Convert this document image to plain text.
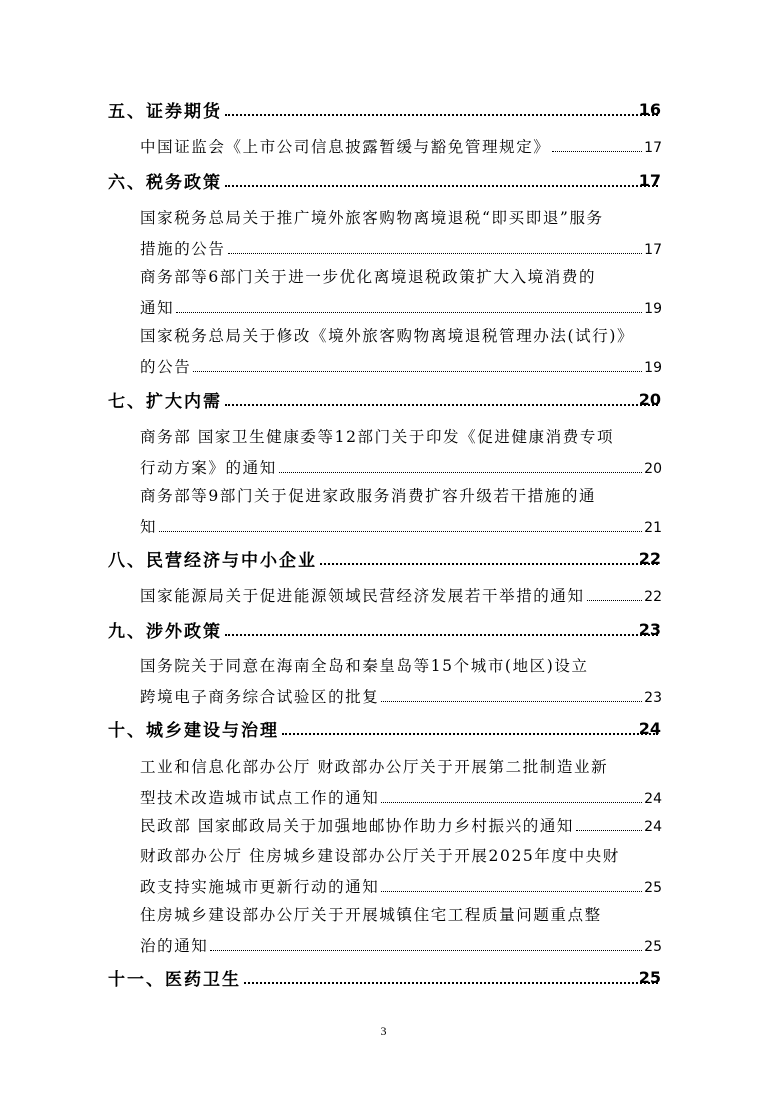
五、证券期货	16
中国证监会《上市公司信息披露暂缓与豁免管理规定》	17
六、税务政策	17
国家税务总局关于推广境外旅客购物离境退税“即买即退”服务
措施的公告	17
商务部等6部门关于进一步优化离境退税政策扩大入境消费的
通知	19
国家税务总局关于修改《境外旅客购物离境退税管理办法(试行)》
的公告	19
七、扩大内需	20
商务部 国家卫生健康委等12部门关于印发《促进健康消费专项
行动方案》的通知	20
商务部等9部门关于促进家政服务消费扩容升级若干措施的通
知	21
八、民营经济与中小企业	22
国家能源局关于促进能源领域民营经济发展若干举措的通知	22
九、涉外政策	23
国务院关于同意在海南全岛和秦皇岛等15个城市(地区)设立
跨境电子商务综合试验区的批复	23
十、城乡建设与治理	24
工业和信息化部办公厅 财政部办公厅关于开展第二批制造业新
型技术改造城市试点工作的通知	24
民政部 国家邮政局关于加强地邮协作助力乡村振兴的通知	24
财政部办公厅 住房城乡建设部办公厅关于开展2025年度中央财
政支持实施城市更新行动的通知	25
住房城乡建设部办公厅关于开展城镇住宅工程质量问题重点整
治的通知	25
十一、医药卫生	25
3
